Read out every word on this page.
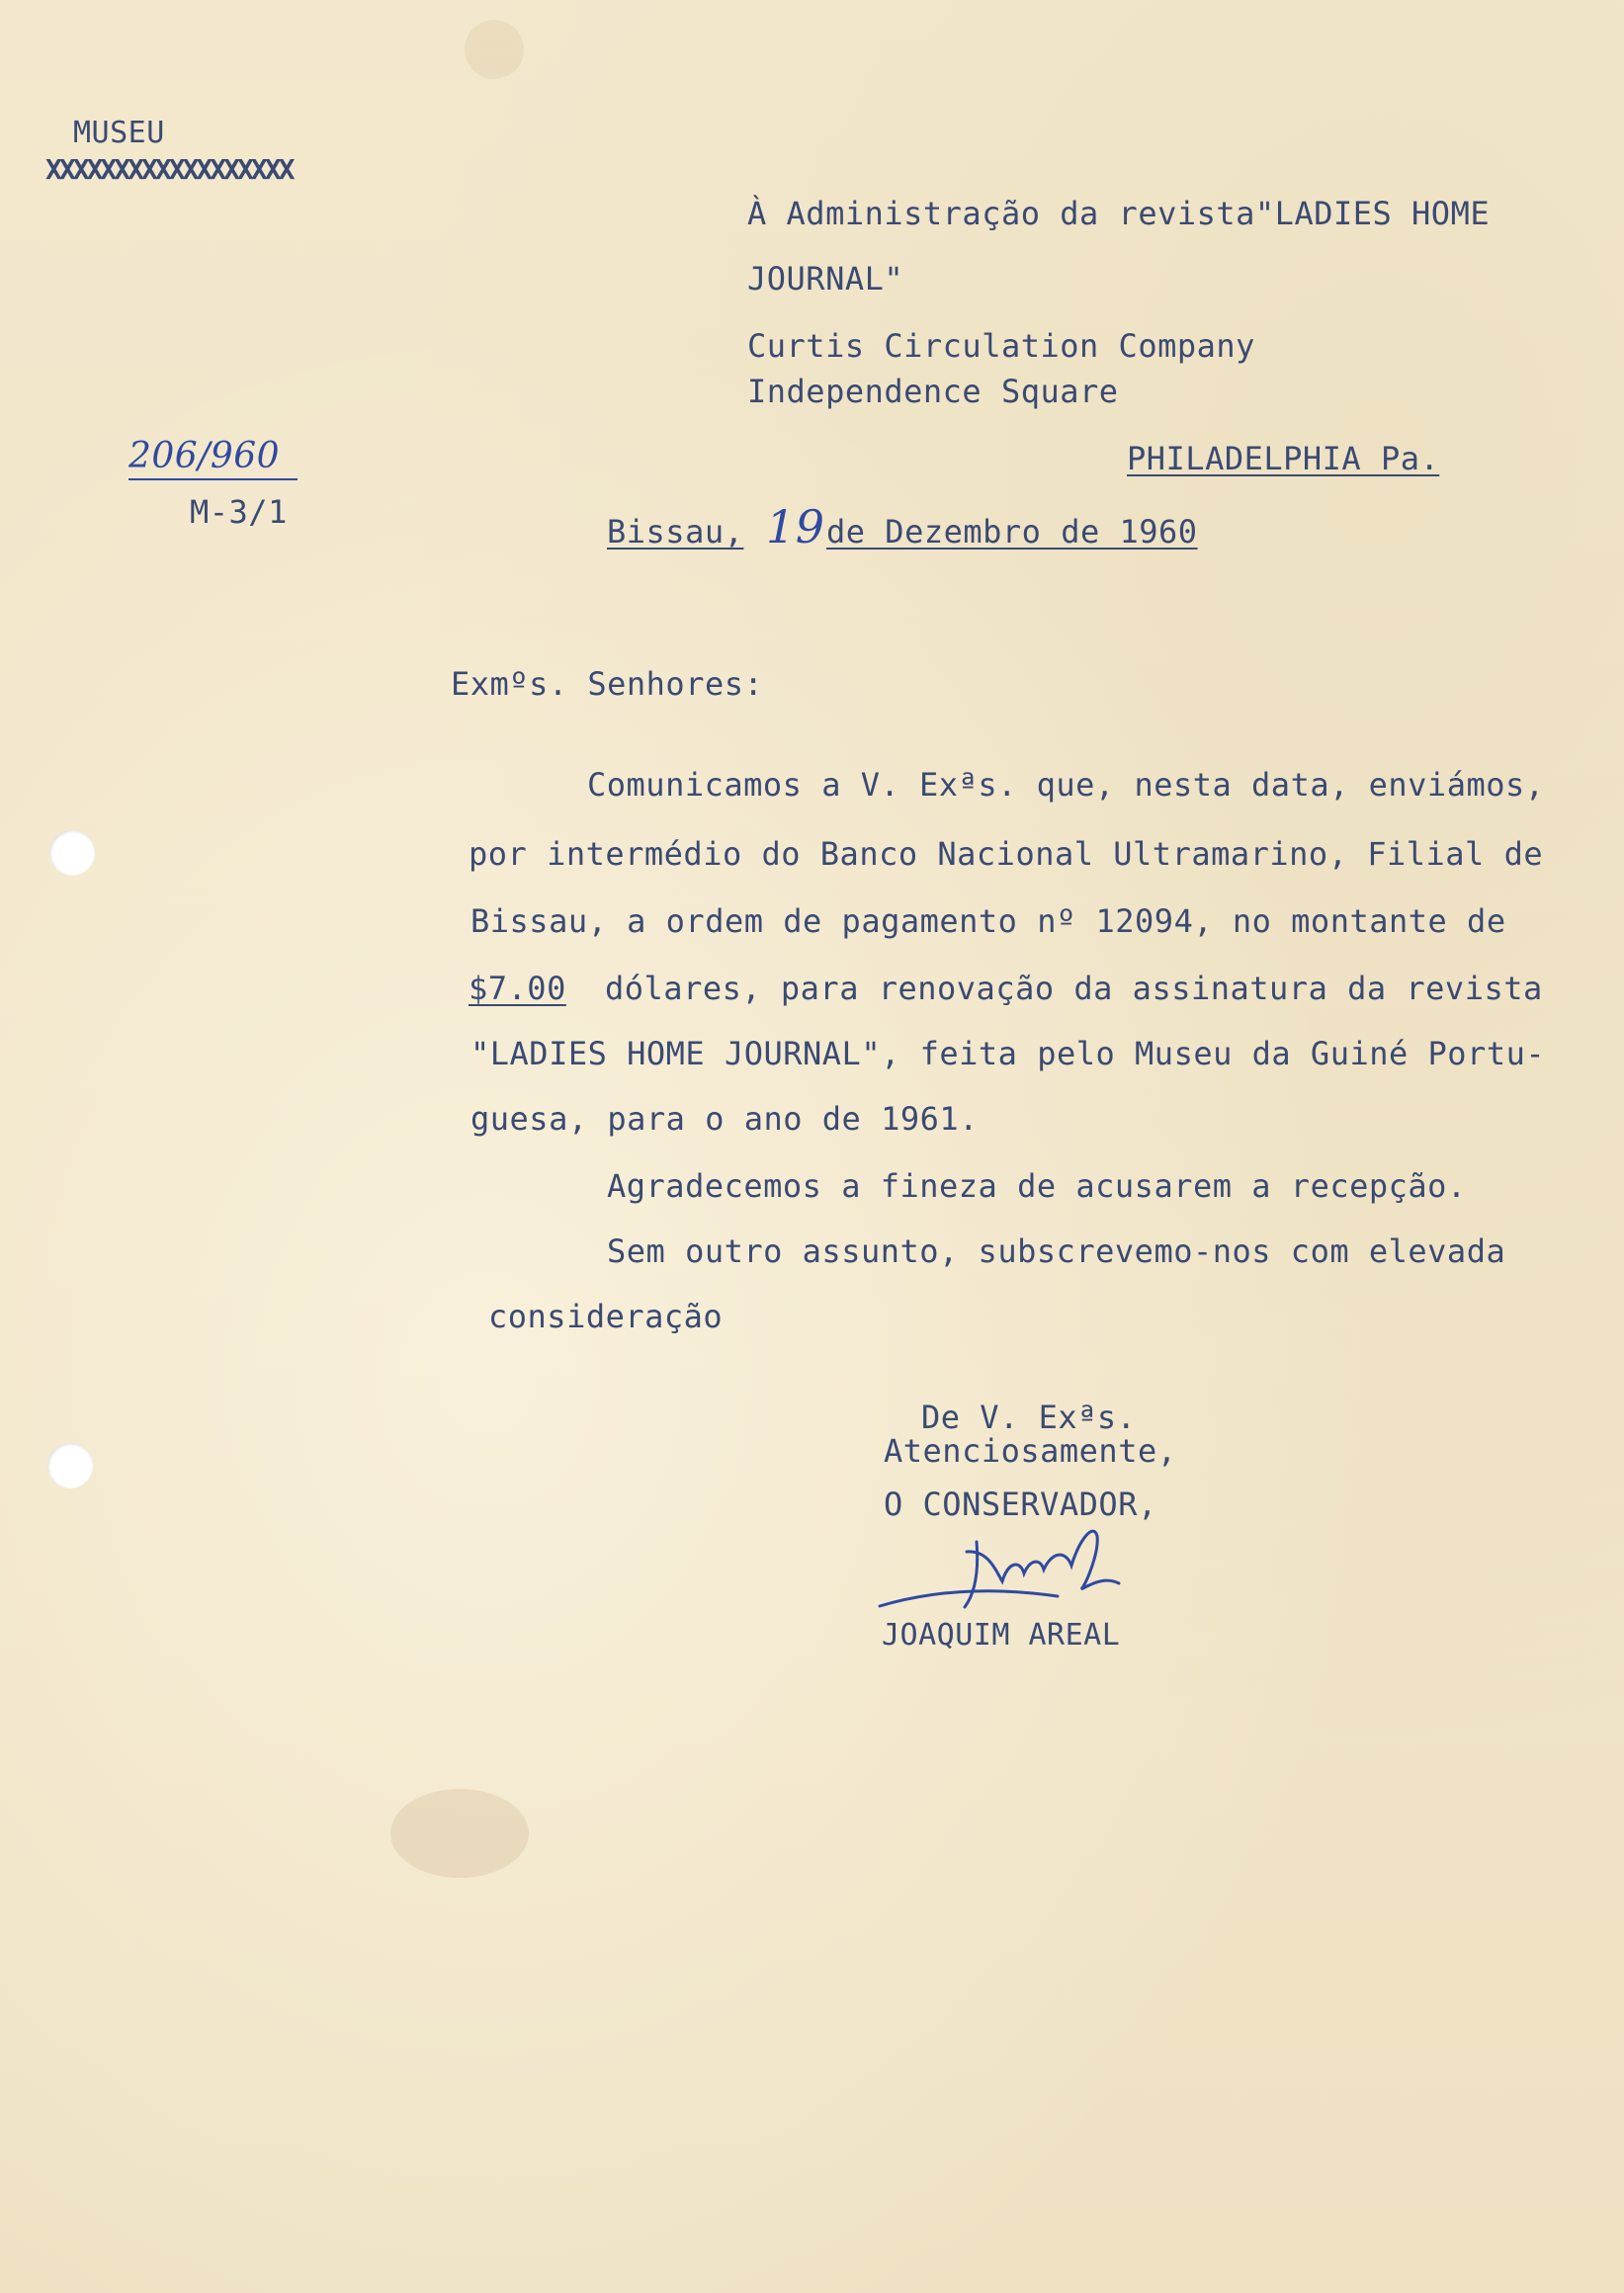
MUSEU
XXXXXXXXXXXXXXXXXX
206/960
M-3/1
À Administração da revista"LADIES HOME
JOURNAL"
Curtis Circulation Company
Independence Square
PHILADELPHIA Pa.
Bissau, 19 de Dezembro de 1960
Exmºs. Senhores:
Comunicamos a V. Exªs. que, nesta data, enviámos,
por intermédio do Banco Nacional Ultramarino, Filial de
Bissau, a ordem de pagamento nº 12094, no montante de
$7.00	dólares, para renovação da assinatura da revista
"LADIES HOME JOURNAL", feita pelo Museu da Guiné Portu-
guesa, para o ano de 1961.
Agradecemos a fineza de acusarem a recepção.
Sem outro assunto, subscrevemo-nos com elevada
consideração
De V. Exªs.
Atenciosamente,
O CONSERVADOR,
JOAQUIM AREAL
